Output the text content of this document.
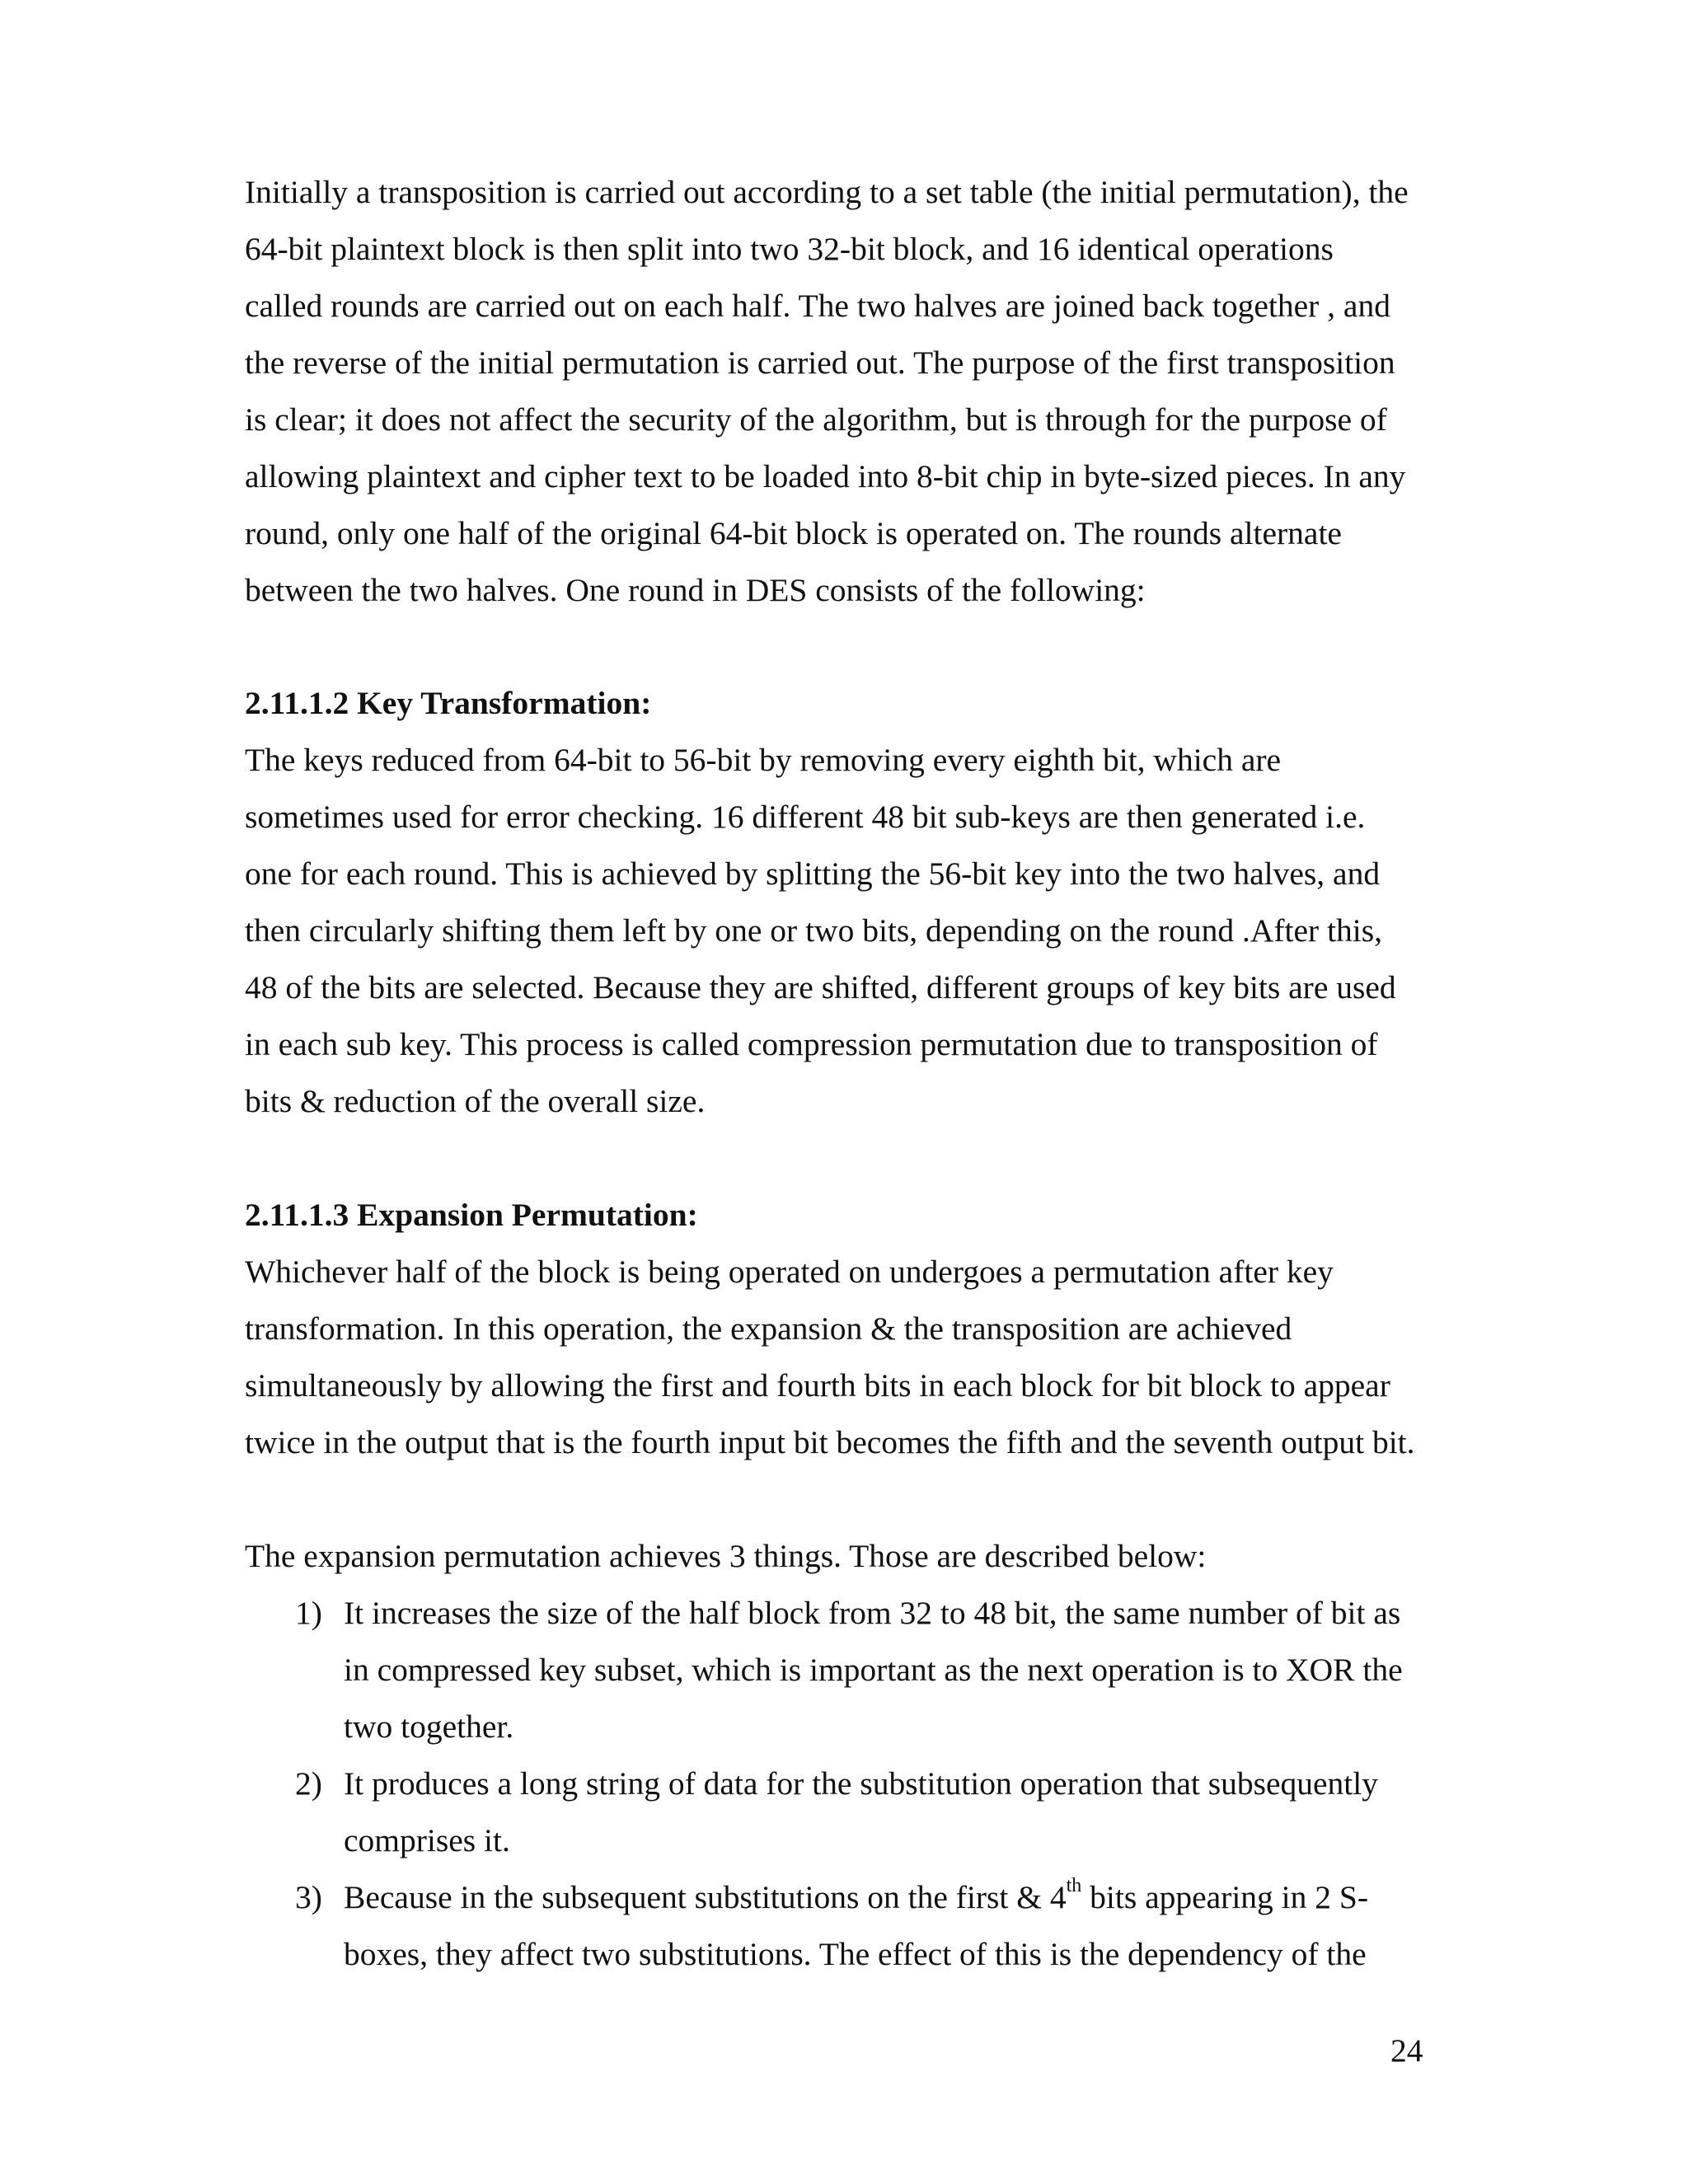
Initially a transposition is carried out according to a set table (the initial permutation), the
64-bit plaintext block is then split into two 32-bit block, and 16 identical operations
called rounds are carried out on each half. The two halves are joined back together , and
the reverse of the initial permutation is carried out. The purpose of the first transposition
is clear; it does not affect the security of the algorithm, but is through for the purpose of
allowing plaintext and cipher text to be loaded into 8-bit chip in byte-sized pieces. In any
round, only one half of the original 64-bit block is operated on. The rounds alternate
between the two halves. One round in DES consists of the following:
2.11.1.2 Key Transformation:
The keys reduced from 64-bit to 56-bit by removing every eighth bit, which are
sometimes used for error checking. 16 different 48 bit sub-keys are then generated i.e.
one for each round. This is achieved by splitting the 56-bit key into the two halves, and
then circularly shifting them left by one or two bits, depending on the round .After this,
48 of the bits are selected. Because they are shifted, different groups of key bits are used
in each sub key. This process is called compression permutation due to transposition of
bits & reduction of the overall size.
2.11.1.3 Expansion Permutation:
Whichever half of the block is being operated on undergoes a permutation after key
transformation. In this operation, the expansion & the transposition are achieved
simultaneously by allowing the first and fourth bits in each block for bit block to appear
twice in the output that is the fourth input bit becomes the fifth and the seventh output bit.

The expansion permutation achieves 3 things. Those are described below:

1) It increases the size of the half block from 32 to 48 bit, the same number of bit as
in compressed key subset, which is important as the next operation is to XOR the
two together.
2) It produces a long string of data for the substitution operation that subsequently
comprises it.
3) Because in the subsequent substitutions on the first & 4th bits appearing in 2 S-
boxes, they affect two substitutions. The effect of this is the dependency of the
24
